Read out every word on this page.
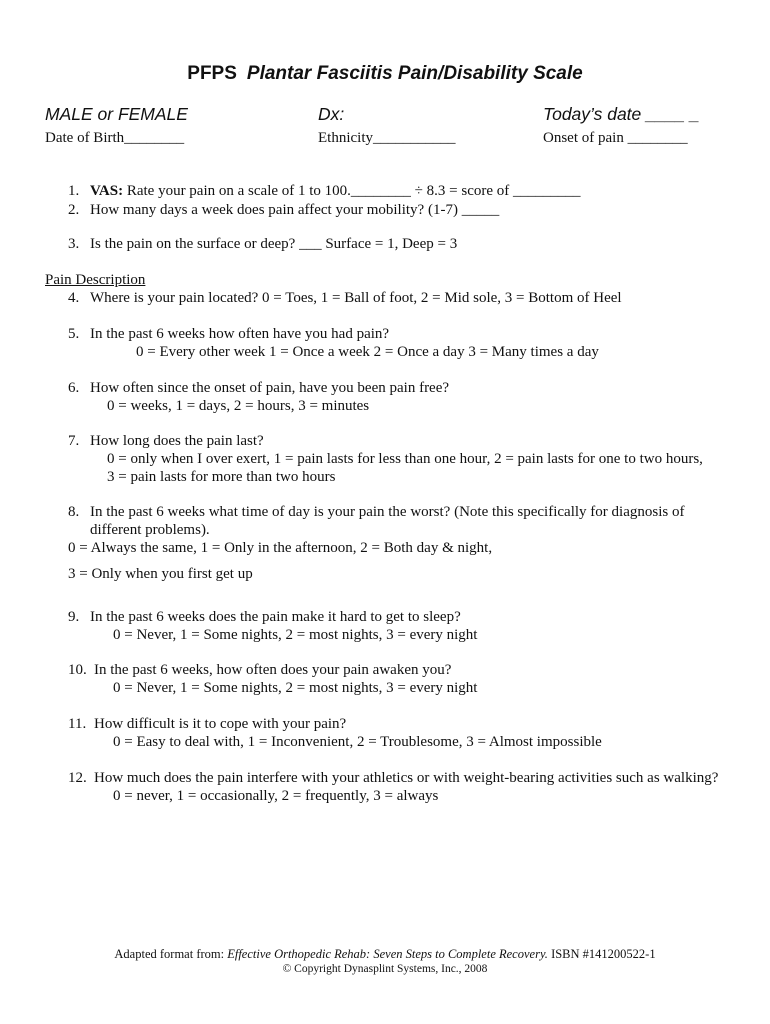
PFPS Plantar Fasciitis Pain/Disability Scale
MALE or FEMALE	Dx:	Today’s date ____ _
Date of Birth________	Ethnicity___________	Onset of pain ________
1. VAS: Rate your pain on a scale of 1 to 100.________ ÷ 8.3 = score of _________
2. How many days a week does pain affect your mobility? (1-7) _____
3. Is the pain on the surface or deep? ___ Surface = 1, Deep = 3
Pain Description
4. Where is your pain located? 0 = Toes, 1 = Ball of foot, 2 = Mid sole, 3 = Bottom of Heel
5. In the past 6 weeks how often have you had pain?
0 = Every other week 1 = Once a week 2 = Once a day 3 = Many times a day
6. How often since the onset of pain, have you been pain free?
0 = weeks, 1 = days, 2 = hours, 3 = minutes
7. How long does the pain last?
0 = only when I over exert, 1 = pain lasts for less than one hour, 2 = pain lasts for one to two hours,
3 = pain lasts for more than two hours
8. In the past 6 weeks what time of day is your pain the worst? (Note this specifically for diagnosis of
different problems).
0 = Always the same, 1 = Only in the afternoon, 2 = Both day & night,
3 = Only when you first get up
9. In the past 6 weeks does the pain make it hard to get to sleep?
0 = Never, 1 = Some nights, 2 = most nights, 3 = every night
10. In the past 6 weeks, how often does your pain awaken you?
0 = Never, 1 = Some nights, 2 = most nights, 3 = every night
11. How difficult is it to cope with your pain?
0 = Easy to deal with, 1 = Inconvenient, 2 = Troublesome, 3 = Almost impossible
12. How much does the pain interfere with your athletics or with weight-bearing activities such as walking?
0 = never, 1 = occasionally, 2 = frequently, 3 = always
Adapted format from: Effective Orthopedic Rehab: Seven Steps to Complete Recovery. ISBN #141200522-1
© Copyright Dynasplint Systems, Inc., 2008
